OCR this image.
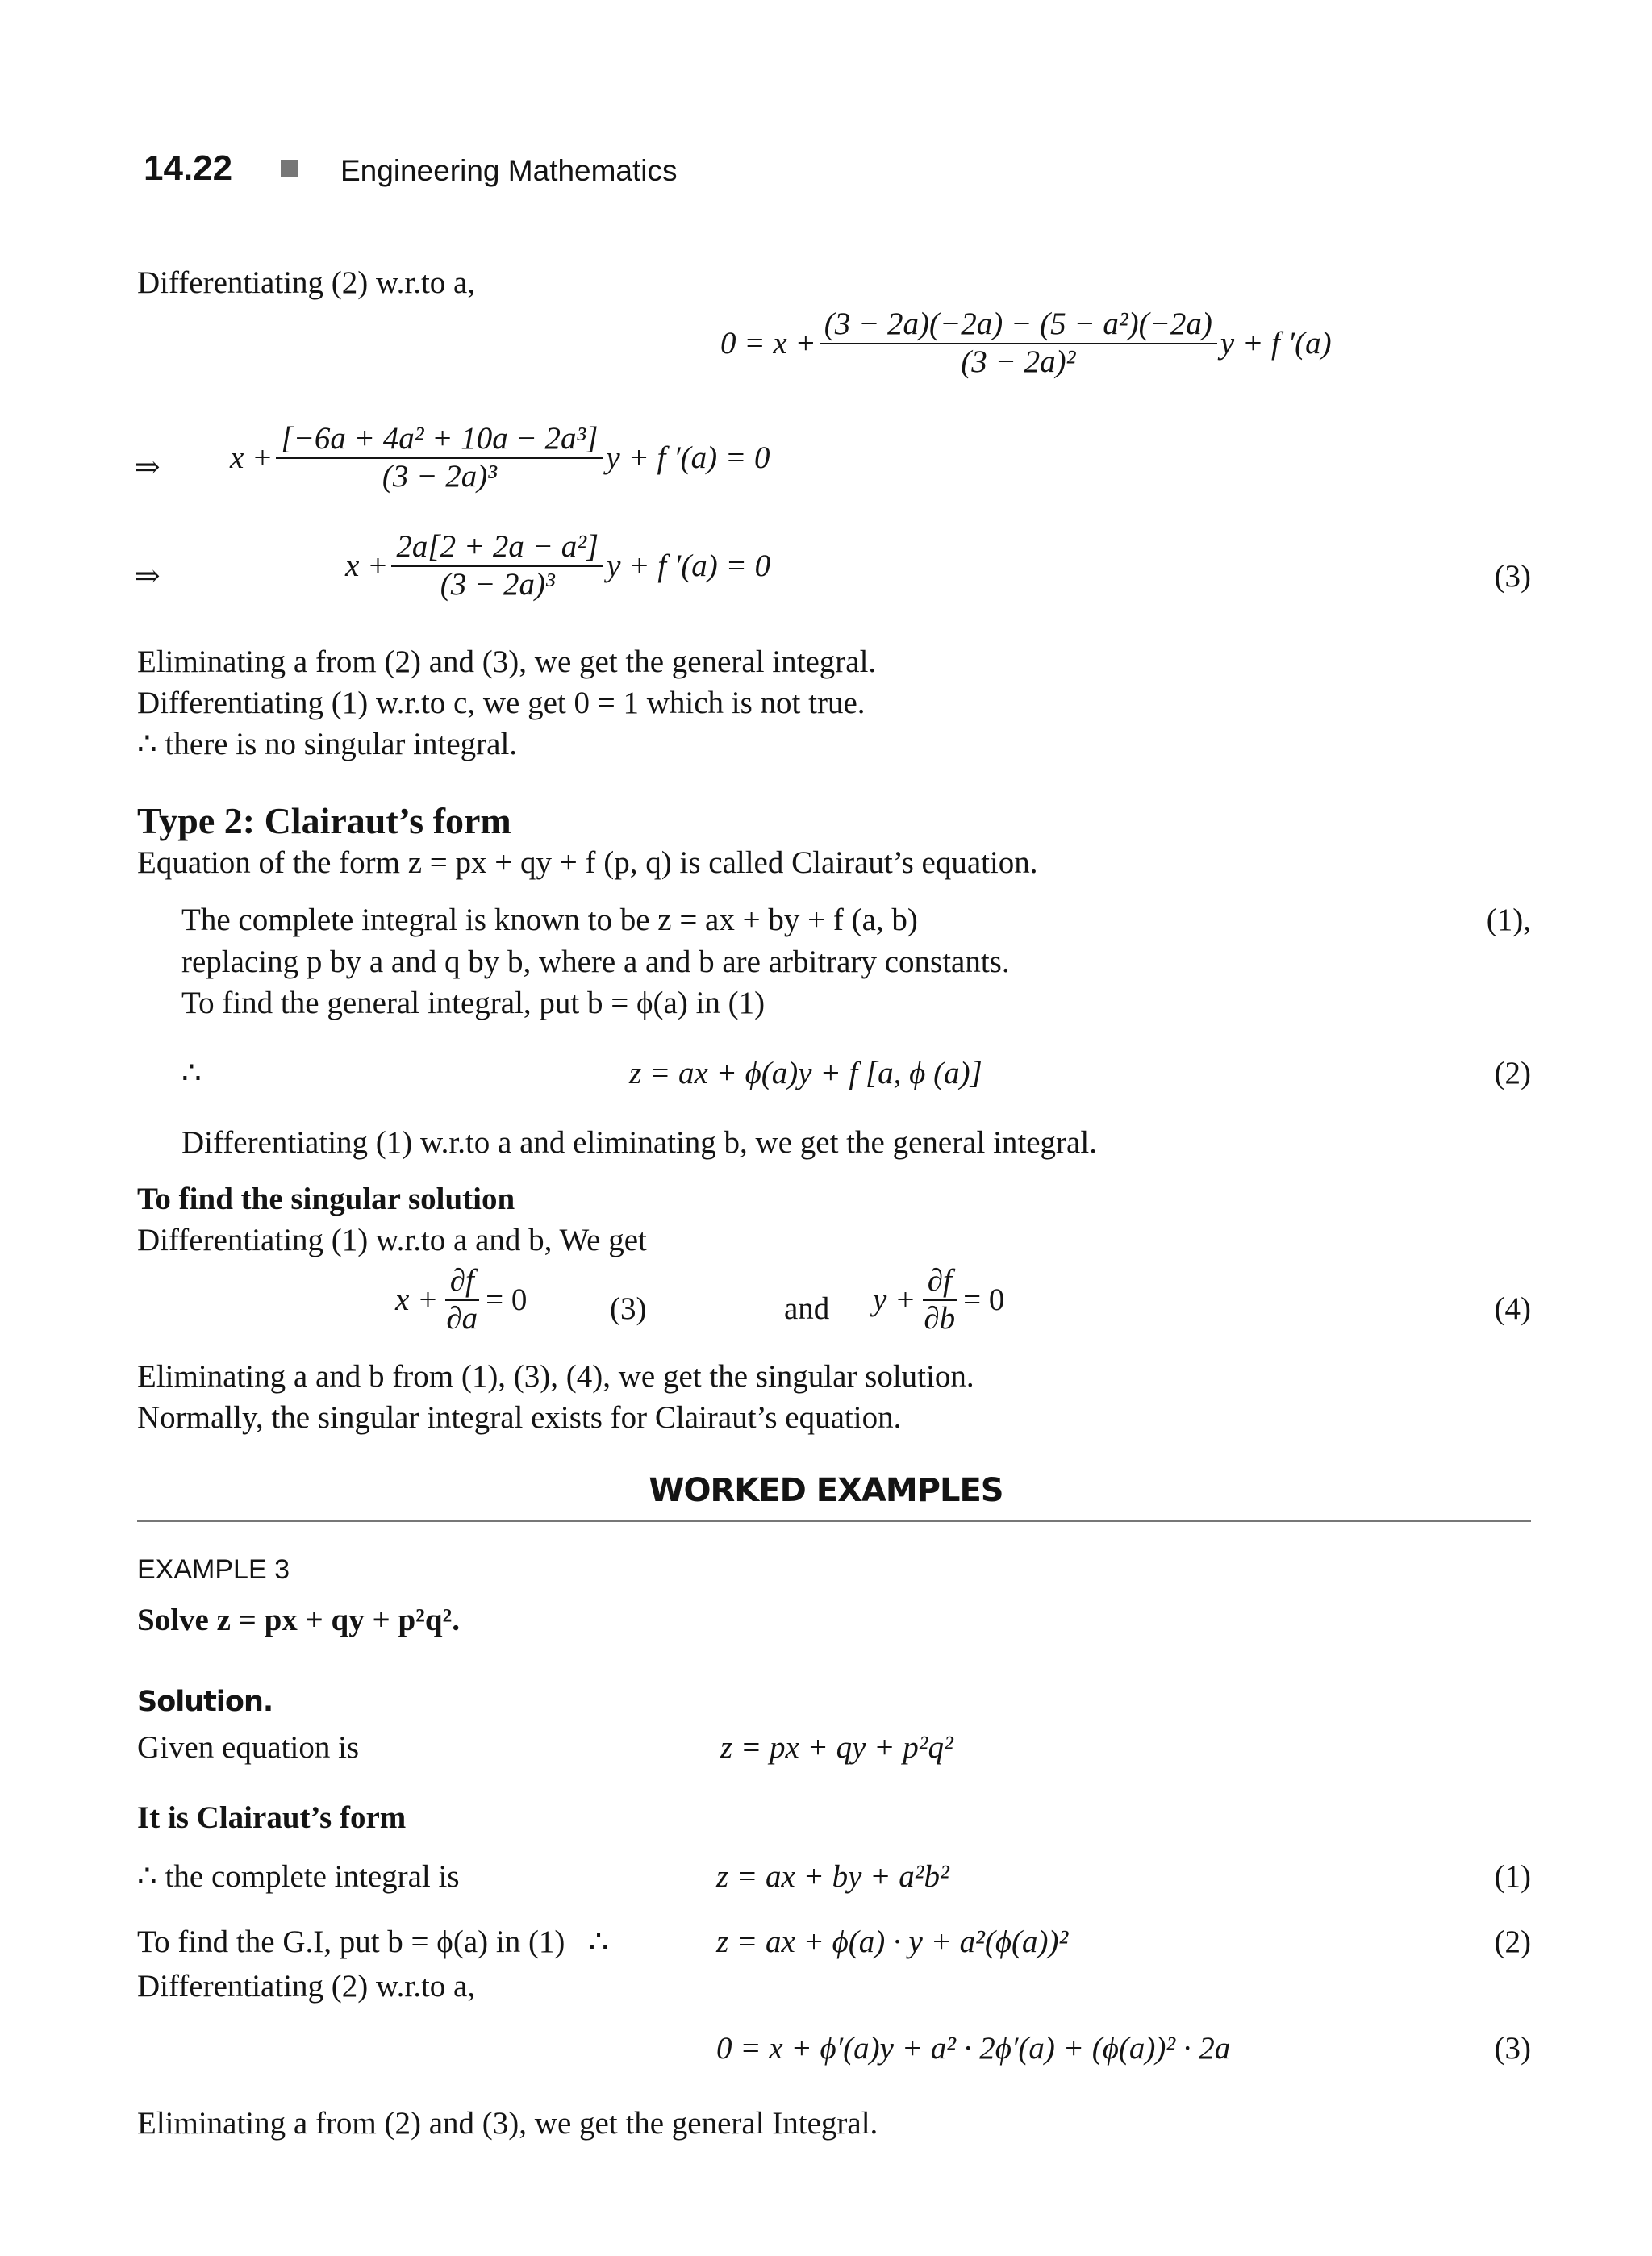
14.22	Engineering Mathematics
Differentiating (2) w.r.to a,
$0 = x + \frac{\text{(3 − 2a)(−2a) − (5 − a²)(−2a)}}{\text{(3 − 2a)²}}$ y + f ′(a)
⇒ $x + \frac{\text{[−6a + 4a² + 10a − 2a³]}}{\text{(3 − 2a)³}}$ y + f ′(a) = 0
⇒	$x + \frac{\text{2a[2 + 2a − a²]}}{\text{(3 − 2a)³}}$ y + f ′(a) = 0	(3)
Eliminating a from (2) and (3), we get the general integral.
Differentiating (1) w.r.to c, we get 0 = 1 which is not true.
∴ there is no singular integral.
Type 2: Clairaut’s form
Equation of the form z = px + qy + f (p, q) is called Clairaut’s equation.
The complete integral is known to be z = ax + by + f (a, b)	(1),
replacing p by a and q by b, where a and b are arbitrary constants.
To find the general integral, put b = ϕ(a) in (1)
∴	z = ax + ϕ(a)y + f [a, ϕ (a)]	(2)
Differentiating (1) w.r.to a and eliminating b, we get the general integral.
To find the singular solution
Differentiating (1) w.r.to a and b, We get
$x + \frac{\partial f}{\partial a} = 0$	(3)	and $y + \frac{\partial f}{\partial b} = 0$	(4)
Eliminating a and b from (1), (3), (4), we get the singular solution.
Normally, the singular integral exists for Clairaut’s equation.
WORKED EXAMPLES
EXAMPLE 3
Solve z = px + qy + p²q².
Solution.
Given equation is	z = px + qy + p²q²
It is Clairaut’s form
∴ the complete integral is	z = ax + by + a²b²	(1)
To find the G.I, put b = ϕ(a) in (1)   ∴	z = ax + ϕ(a) · y + a²(ϕ(a))²	(2)
Differentiating (2) w.r.to a,
0 = x + ϕ′(a)y + a² · 2ϕ′(a) + (ϕ(a))² · 2a	(3)
Eliminating a from (2) and (3), we get the general Integral.
